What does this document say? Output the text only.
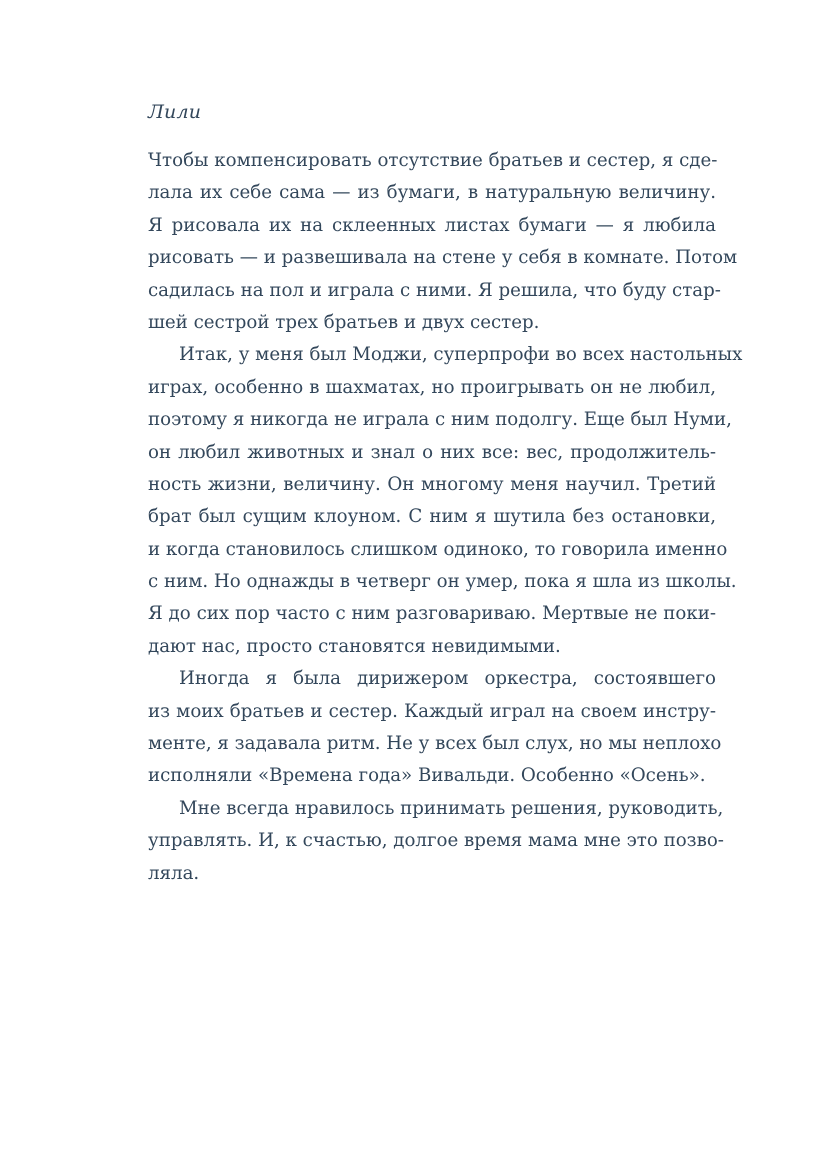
Лили

Чтобы компенсировать отсутствие братьев и сестер, я сде-
лала их себе сама — из бумаги, в натуральную величину.
Я рисовала их на склеенных листах бумаги — я любила
рисовать — и развешивала на стене у себя в комнате. Потом
садилась на пол и играла с ними. Я решила, что буду стар-
шей сестрой трех братьев и двух сестер.

Итак, у меня был Моджи, суперпрофи во всех настольных
играх, особенно в шахматах, но проигрывать он не любил,
поэтому я никогда не играла с ним подолгу. Еще был Нуми,
он любил животных и знал о них все: вес, продолжитель-
ность жизни, величину. Он многому меня научил. Третий
брат был сущим клоуном. С ним я шутила без остановки,
и когда становилось слишком одиноко, то говорила именно
с ним. Но однажды в четверг он умер, пока я шла из школы.
Я до сих пор часто с ним разговариваю. Мертвые не поки-
дают нас, просто становятся невидимыми.

Иногда я была дирижером оркестра, состоявшего
из моих братьев и сестер. Каждый играл на своем инстру-
менте, я задавала ритм. Не у всех был слух, но мы неплохо
исполняли «Времена года» Вивальди. Особенно «Осень».

Мне всегда нравилось принимать решения, руководить,
управлять. И, к счастью, долгое время мама мне это позво-
ляла.
